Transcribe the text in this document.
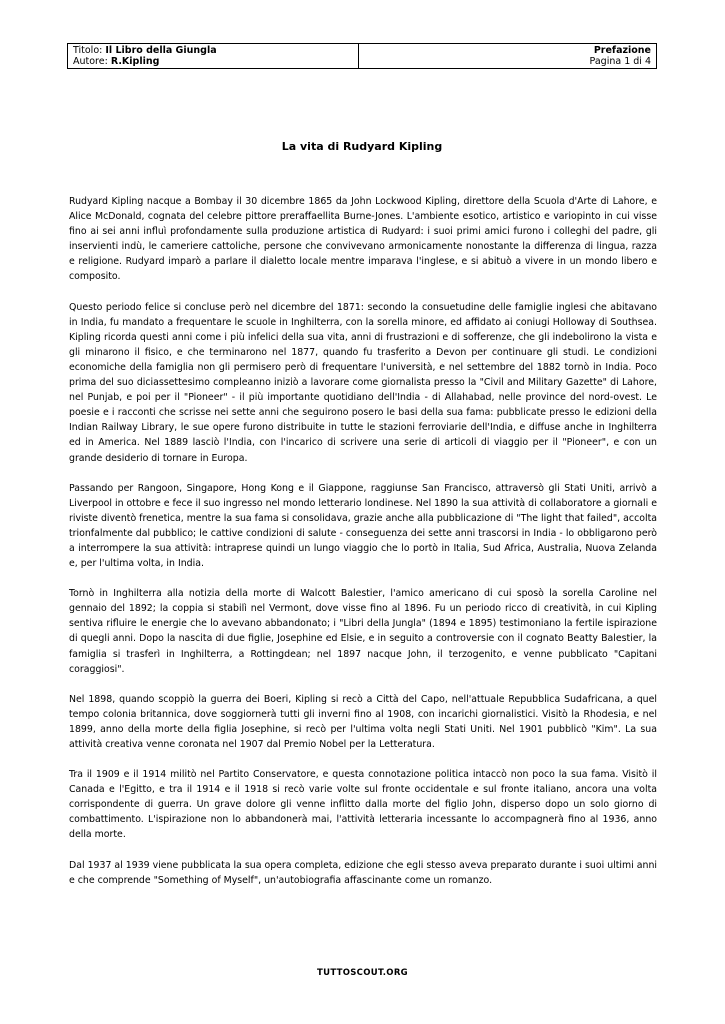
Titolo: Il Libro della Giungla
Autore: R.Kipling

Prefazione
Pagina 1 di 4
La vita di Rudyard Kipling

Rudyard Kipling nacque a Bombay il 30 dicembre 1865 da John Lockwood Kipling, direttore della Scuola d'Arte di Lahore, e Alice McDonald, cognata del celebre pittore preraffaellita Burne-Jones. L'ambiente esotico, artistico e variopinto in cui visse fino ai sei anni influì profondamente sulla produzione artistica di Rudyard: i suoi primi amici furono i colleghi del padre, gli inservienti indù, le cameriere cattoliche, persone che convivevano armonicamente nonostante la differenza di lingua, razza e religione. Rudyard imparò a parlare il dialetto locale mentre imparava l'inglese, e si abituò a vivere in un mondo libero e composito.

Questo periodo felice si concluse però nel dicembre del 1871: secondo la consuetudine delle famiglie inglesi che abitavano in India, fu mandato a frequentare le scuole in Inghilterra, con la sorella minore, ed affidato ai coniugi Holloway di Southsea. Kipling ricorda questi anni come i più infelici della sua vita, anni di frustrazioni e di sofferenze, che gli indebolirono la vista e gli minarono il fisico, e che terminarono nel 1877, quando fu trasferito a Devon per continuare gli studi. Le condizioni economiche della famiglia non gli permisero però di frequentare l'università, e nel settembre del 1882 tornò in India. Poco prima del suo diciassettesimo compleanno iniziò a lavorare come giornalista presso la "Civil and Military Gazette" di Lahore, nel Punjab, e poi per il "Pioneer" - il più importante quotidiano dell'India - di Allahabad, nelle province del nord-ovest. Le poesie e i racconti che scrisse nei sette anni che seguirono posero le basi della sua fama: pubblicate presso le edizioni della Indian Railway Library, le sue opere furono distribuite in tutte le stazioni ferroviarie dell'India, e diffuse anche in Inghilterra ed in America. Nel 1889 lasciò l'India, con l'incarico di scrivere una serie di articoli di viaggio per il "Pioneer", e con un grande desiderio di tornare in Europa.

Passando per Rangoon, Singapore, Hong Kong e il Giappone, raggiunse San Francisco, attraversò gli Stati Uniti, arrivò a Liverpool in ottobre e fece il suo ingresso nel mondo letterario londinese. Nel 1890 la sua attività di collaboratore a giornali e riviste diventò frenetica, mentre la sua fama si consolidava, grazie anche alla pubblicazione di "The light that failed", accolta trionfalmente dal pubblico; le cattive condizioni di salute - conseguenza dei sette anni trascorsi in India - lo obbligarono però a interrompere la sua attività: intraprese quindi un lungo viaggio che lo portò in Italia, Sud Africa, Australia, Nuova Zelanda e, per l'ultima volta, in India.

Tornò in Inghilterra alla notizia della morte di Walcott Balestier, l'amico americano di cui sposò la sorella Caroline nel gennaio del 1892; la coppia si stabilì nel Vermont, dove visse fino al 1896. Fu un periodo ricco di creatività, in cui Kipling sentiva rifluire le energie che lo avevano abbandonato; i "Libri della Jungla" (1894 e 1895) testimoniano la fertile ispirazione di quegli anni. Dopo la nascita di due figlie, Josephine ed Elsie, e in seguito a controversie con il cognato Beatty Balestier, la famiglia si trasferì in Inghilterra, a Rottingdean; nel 1897 nacque John, il terzogenito, e venne pubblicato "Capitani coraggiosi".

Nel 1898, quando scoppiò la guerra dei Boeri, Kipling si recò a Città del Capo, nell'attuale Repubblica Sudafricana, a quel tempo colonia britannica, dove soggiornerà tutti gli inverni fino al 1908, con incarichi giornalistici. Visitò la Rhodesia, e nel 1899, anno della morte della figlia Josephine, si recò per l'ultima volta negli Stati Uniti. Nel 1901 pubblicò "Kim". La sua attività creativa venne coronata nel 1907 dal Premio Nobel per la Letteratura.

Tra il 1909 e il 1914 militò nel Partito Conservatore, e questa connotazione politica intaccò non poco la sua fama. Visitò il Canada e l'Egitto, e tra il 1914 e il 1918 si recò varie volte sul fronte occidentale e sul fronte italiano, ancora una volta corrispondente di guerra. Un grave dolore gli venne inflitto dalla morte del figlio John, disperso dopo un solo giorno di combattimento. L'ispirazione non lo abbandonerà mai, l'attività letteraria incessante lo accompagnerà fino al 1936, anno della morte.

Dal 1937 al 1939 viene pubblicata la sua opera completa, edizione che egli stesso aveva preparato durante i suoi ultimi anni e che comprende "Something of Myself", un'autobiografia affascinante come un romanzo.

TUTTOSCOUT.ORG
